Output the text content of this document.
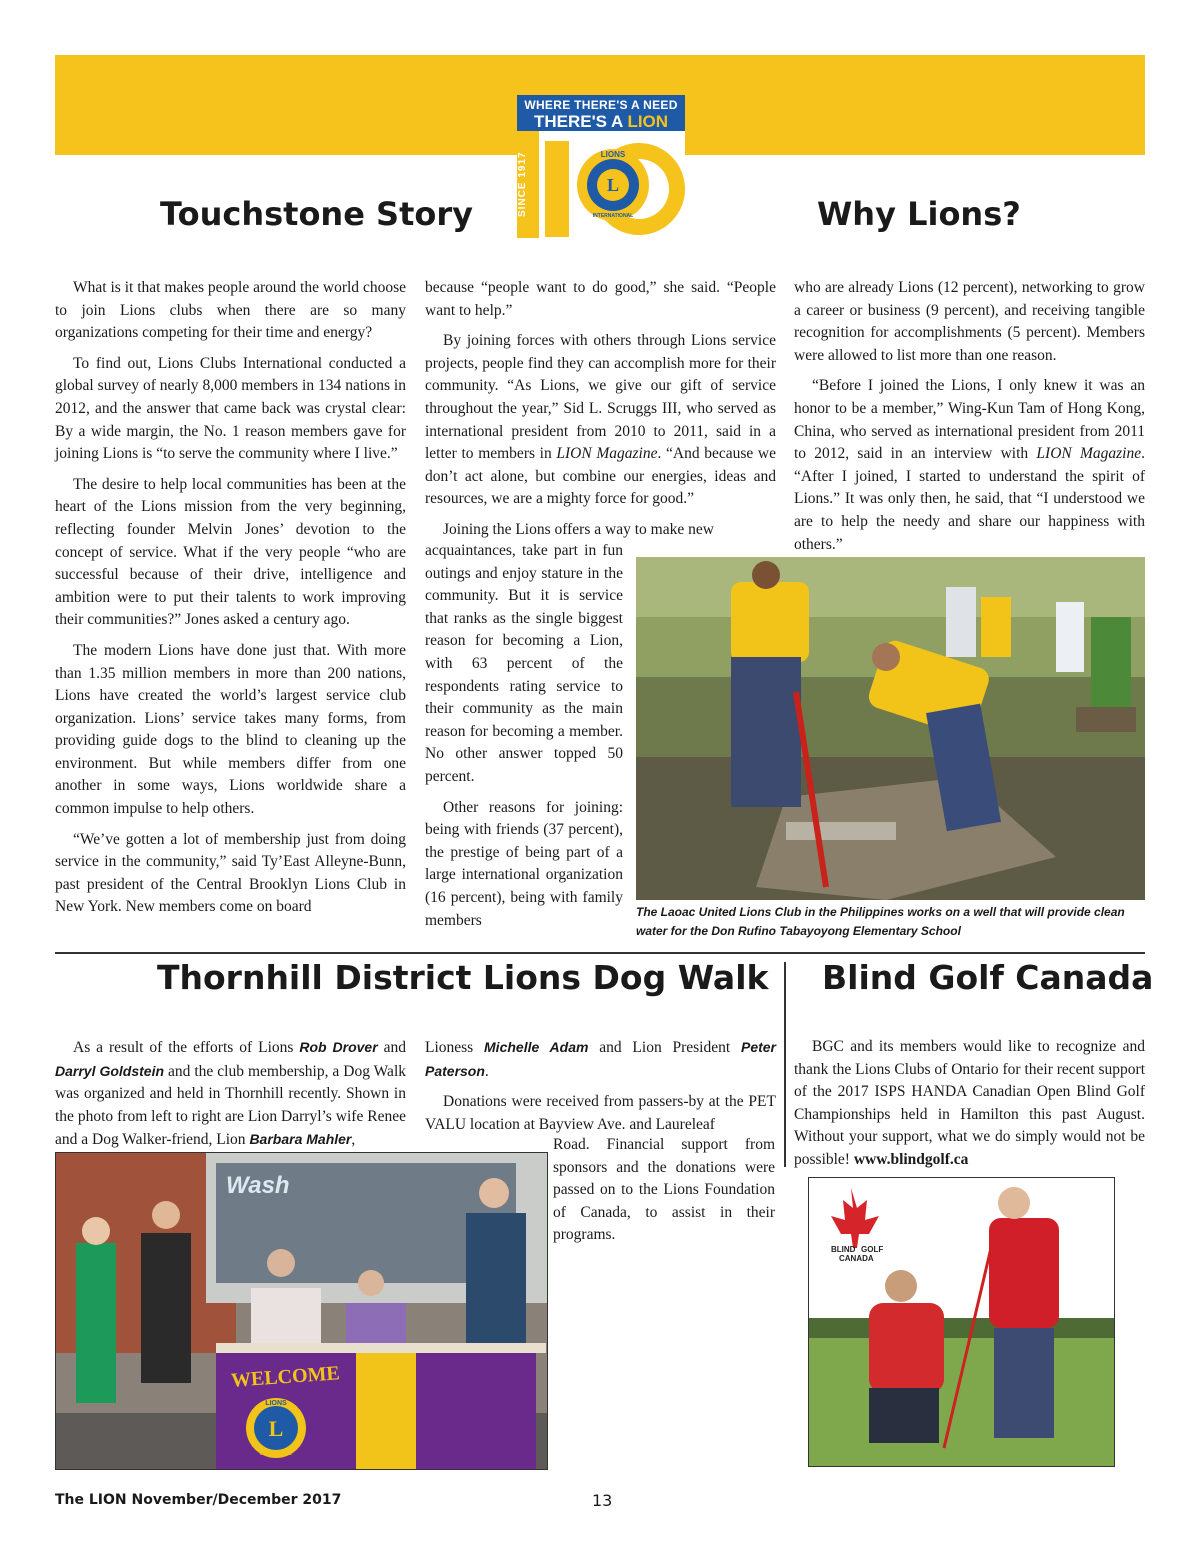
WHERE THERE'S A NEED
THERE'S A LION
SINCE 1917	LIONS
L
INTERNATIONAL
100
Touchstone Story	Why Lions?

What is it that makes people around the world choose to join Lions clubs when there are so many organizations competing for their time and energy?

To find out, Lions Clubs International conducted a global survey of nearly 8,000 members in 134 nations in 2012, and the answer that came back was crystal clear: By a wide margin, the No. 1 reason members gave for joining Lions is “to serve the community where I live.”

The desire to help local communities has been at the heart of the Lions mission from the very beginning, reflecting founder Melvin Jones’ devotion to the concept of service. What if the very people “who are successful because of their drive, intelligence and ambition were to put their talents to work improving their communities?” Jones asked a century ago.

The modern Lions have done just that. With more than 1.35 million members in more than 200 nations, Lions have created the world’s largest service club organization. Lions’ service takes many forms, from providing guide dogs to the blind to cleaning up the environment. But while members differ from one another in some ways, Lions worldwide share a common impulse to help others.

“We’ve gotten a lot of membership just from doing service in the community,” said Ty’East Alleyne-Bunn, past president of the Central Brooklyn Lions Club in New York. New members come on board

because “people want to do good,” she said. “People want to help.”

By joining forces with others through Lions service projects, people find they can accomplish more for their community. “As Lions, we give our gift of service throughout the year,” Sid L. Scruggs III, who served as international president from 2010 to 2011, said in a letter to members in LION Magazine. “And because we don’t act alone, but combine our energies, ideas and resources, we are a mighty force for good.”

Joining the Lions offers a way to make new

acquaintances, take part in fun outings and enjoy stature in the community. But it is service that ranks as the single biggest reason for becoming a Lion, with 63 percent of the respondents rating service to their community as the main reason for becoming a member. No other answer topped 50 percent.

Other reasons for joining: being with friends (37 percent), the prestige of being part of a large international organization (16 percent), being with family members

who are already Lions (12 percent), networking to grow a career or business (9 percent), and receiving tangible recognition for accomplishments (5 percent). Members were allowed to list more than one reason.

“Before I joined the Lions, I only knew it was an honor to be a member,” Wing-Kun Tam of Hong Kong, China, who served as international president from 2011 to 2012, said in an interview with LION Magazine. “After I joined, I started to understand the spirit of Lions.” It was only then, he said, that “I understood we are to help the needy and share our happiness with others.”

The Laoac United Lions Club in the Philippines works on a well that will provide clean water for the Don Rufino Tabayoyong Elementary School
Thornhill District Lions Dog Walk Blind Golf Canada

As a result of the efforts of Lions Rob Drover and Darryl Goldstein and the club membership, a Dog Walk was organized and held in Thornhill recently. Shown in the photo from left to right are Lion Darryl’s wife Renee and a Dog Walker-friend, Lion Barbara Mahler,

Lioness Michelle Adam and Lion President Peter Paterson.

Donations were received from passers-by at the PET VALU location at Bayview Ave. and Laureleaf

Road. Financial support from sponsors and the donations were passed on to the Lions Foundation of Canada, to assist in their programs.

Wash
WELCOME
LIONS
L
INTERNATIONAL

BGC and its members would like to recognize and thank the Lions Clubs of Ontario for their recent support of the 2017 ISPS HANDA Canadian Open Blind Golf Championships held in Hamilton this past August. Without your support, what we do simply would not be possible! www.blindgolf.ca

BLIND GOLF
CANADA
The LION November/December 2017	13
